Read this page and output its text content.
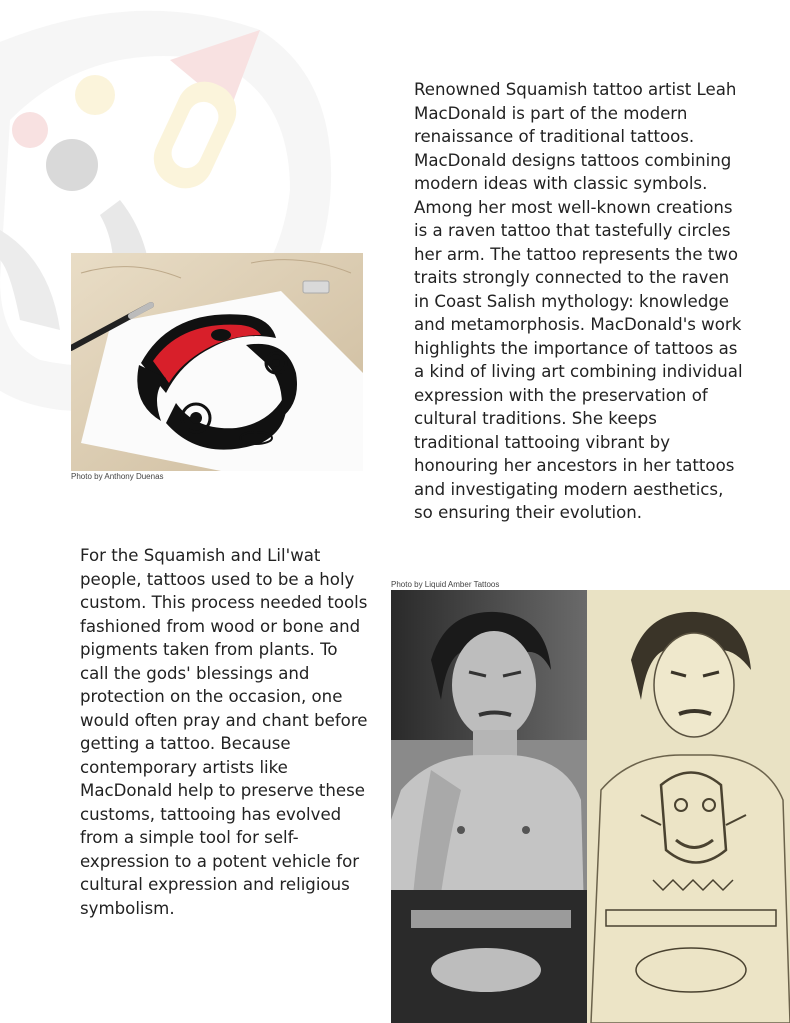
Renowned Squamish tattoo artist Leah MacDonald is part of the modern renaissance of traditional tattoos. MacDonald designs tattoos combining modern ideas with classic symbols. Among her most well-known creations is a raven tattoo that tastefully circles her arm. The tattoo represents the two traits strongly connected to the raven in Coast Salish mythology: knowledge and metamorphosis. MacDonald's work highlights the importance of tattoos as a kind of living art combining individual expression with the preservation of cultural traditions. She keeps traditional tattooing vibrant by honouring her ancestors in her tattoos and investigating modern aesthetics, so ensuring their evolution.

Photo by Anthony Duenas

For the Squamish and Lil'wat people, tattoos used to be a holy custom. This process needed tools fashioned from wood or bone and pigments taken from plants. To call the gods' blessings and protection on the occasion, one would often pray and chant before getting a tattoo. Because contemporary artists like MacDonald help to preserve these customs, tattooing has evolved from a simple tool for self-expression to a potent vehicle for cultural expression and religious symbolism.

Photo by Liquid Amber Tattoos
